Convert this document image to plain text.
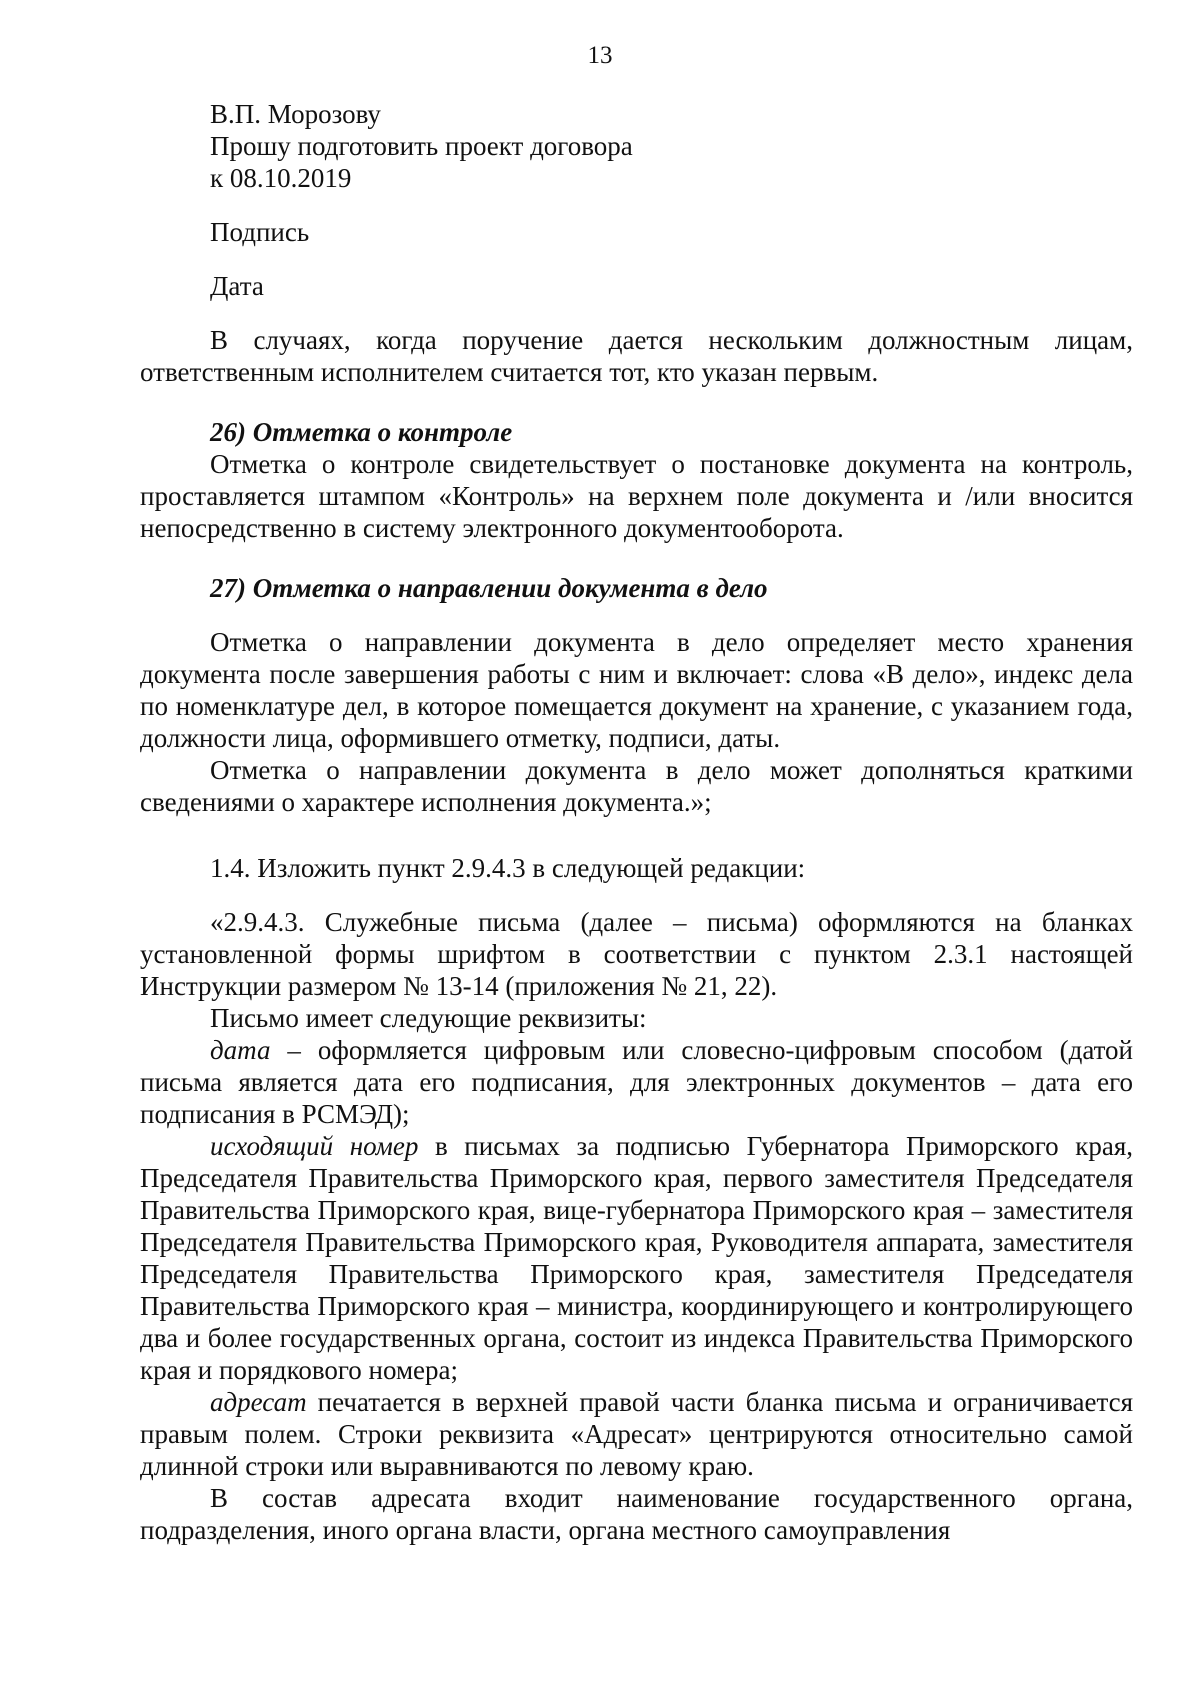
13
В.П. Морозову
Прошу подготовить проект договора
к 08.10.2019
Подпись
Дата

В случаях, когда поручение дается нескольким должностным лицам, ответственным исполнителем считается тот, кто указан первым.

26) Отметка о контроле

Отметка о контроле свидетельствует о постановке документа на контроль, проставляется штампом «Контроль» на верхнем поле документа и /или вносится непосредственно в систему электронного документооборота.

27) Отметка о направлении документа в дело

Отметка о направлении документа в дело определяет место хранения документа после завершения работы с ним и включает: слова «В дело», индекс дела по номенклатуре дел, в которое помещается документ на хранение, с указанием года, должности лица, оформившего отметку, подписи, даты.

Отметка о направлении документа в дело может дополняться краткими сведениями о характере исполнения документа.»;

1.4. Изложить пункт 2.9.4.3 в следующей редакции:

«2.9.4.3. Служебные письма (далее – письма) оформляются на бланках установленной формы шрифтом в соответствии с пунктом 2.3.1 настоящей Инструкции размером № 13-14 (приложения № 21, 22).

Письмо имеет следующие реквизиты:

дата – оформляется цифровым или словесно-цифровым способом (датой письма является дата его подписания, для электронных документов – дата его подписания в РСМЭД);

исходящий номер в письмах за подписью Губернатора Приморского края, Председателя Правительства Приморского края, первого заместителя Председателя Правительства Приморского края, вице-губернатора Приморского края – заместителя Председателя Правительства Приморского края, Руководителя аппарата, заместителя Председателя Правительства Приморского края, заместителя Председателя Правительства Приморского края – министра, координирующего и контролирующего два и более государственных органа, состоит из индекса Правительства Приморского края и порядкового номера;

адресат печатается в верхней правой части бланка письма и ограничивается правым полем. Строки реквизита «Адресат» центрируются относительно самой длинной строки или выравниваются по левому краю.

В состав адресата входит наименование государственного органа, подразделения, иного органа власти, органа местного самоуправления
